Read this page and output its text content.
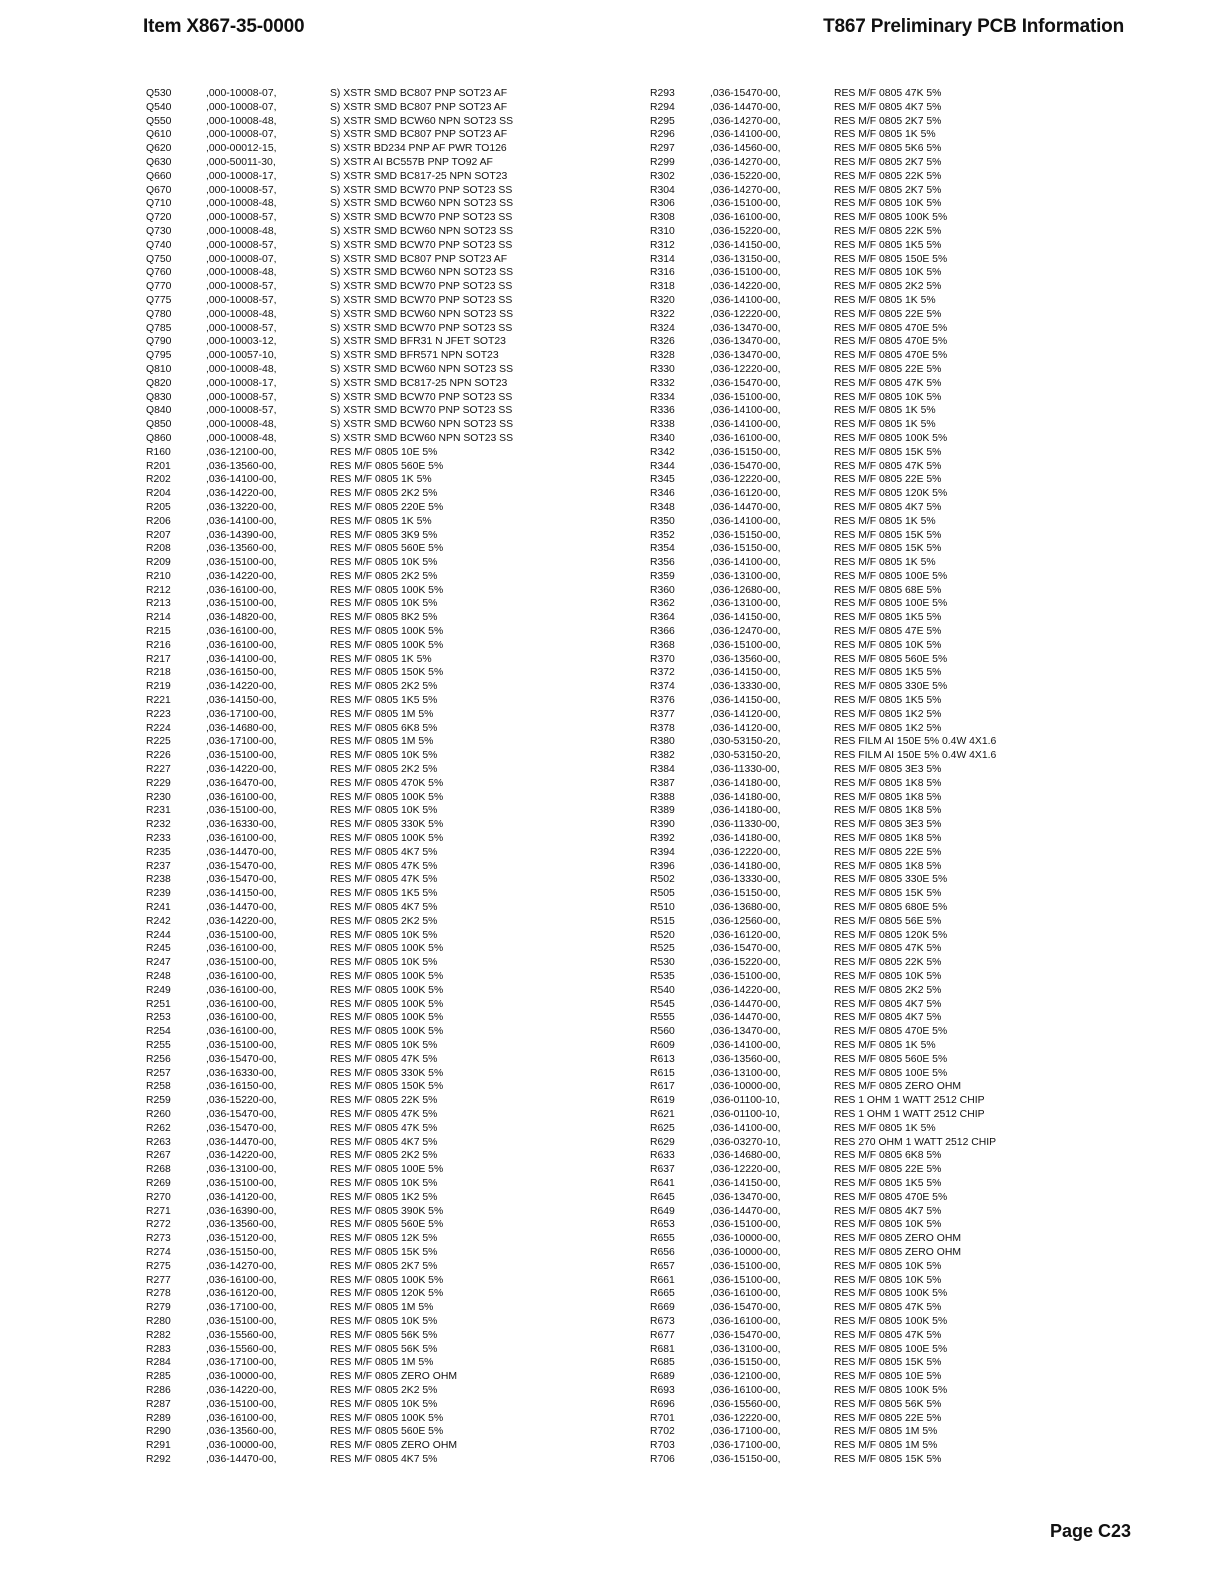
Item X867-35-0000	T867 Preliminary PCB Information
Q530	,000-10008-07,	S) XSTR SMD BC807 PNP SOT23 AF
Q540	,000-10008-07,	S) XSTR SMD BC807 PNP SOT23 AF
Q550	,000-10008-48,	S) XSTR SMD BCW60 NPN SOT23 SS
Q610	,000-10008-07,	S) XSTR SMD BC807 PNP SOT23 AF
Q620	,000-00012-15,	S) XSTR BD234 PNP AF PWR TO126
Q630	,000-50011-30,	S) XSTR AI BC557B PNP TO92 AF
Q660	,000-10008-17,	S) XSTR SMD BC817-25 NPN SOT23
Q670	,000-10008-57,	S) XSTR SMD BCW70 PNP SOT23 SS
Q710	,000-10008-48,	S) XSTR SMD BCW60 NPN SOT23 SS
Q720	,000-10008-57,	S) XSTR SMD BCW70 PNP SOT23 SS
Q730	,000-10008-48,	S) XSTR SMD BCW60 NPN SOT23 SS
Q740	,000-10008-57,	S) XSTR SMD BCW70 PNP SOT23 SS
Q750	,000-10008-07,	S) XSTR SMD BC807 PNP SOT23 AF
Q760	,000-10008-48,	S) XSTR SMD BCW60 NPN SOT23 SS
Q770	,000-10008-57,	S) XSTR SMD BCW70 PNP SOT23 SS
Q775	,000-10008-57,	S) XSTR SMD BCW70 PNP SOT23 SS
Q780	,000-10008-48,	S) XSTR SMD BCW60 NPN SOT23 SS
Q785	,000-10008-57,	S) XSTR SMD BCW70 PNP SOT23 SS
Q790	,000-10003-12,	S) XSTR SMD BFR31 N JFET SOT23
Q795	,000-10057-10,	S) XSTR SMD BFR571 NPN SOT23
Q810	,000-10008-48,	S) XSTR SMD BCW60 NPN SOT23 SS
Q820	,000-10008-17,	S) XSTR SMD BC817-25 NPN SOT23
Q830	,000-10008-57,	S) XSTR SMD BCW70 PNP SOT23 SS
Q840	,000-10008-57,	S) XSTR SMD BCW70 PNP SOT23 SS
Q850	,000-10008-48,	S) XSTR SMD BCW60 NPN SOT23 SS
Q860	,000-10008-48,	S) XSTR SMD BCW60 NPN SOT23 SS
R160	,036-12100-00,	RES M/F 0805 10E 5%
R201	,036-13560-00,	RES M/F 0805 560E 5%
R202	,036-14100-00,	RES M/F 0805 1K 5%
R204	,036-14220-00,	RES M/F 0805 2K2 5%
R205	,036-13220-00,	RES M/F 0805 220E 5%
R206	,036-14100-00,	RES M/F 0805 1K 5%
R207	,036-14390-00,	RES M/F 0805 3K9 5%
R208	,036-13560-00,	RES M/F 0805 560E 5%
R209	,036-15100-00,	RES M/F 0805 10K 5%
R210	,036-14220-00,	RES M/F 0805 2K2 5%
R212	,036-16100-00,	RES M/F 0805 100K 5%
R213	,036-15100-00,	RES M/F 0805 10K 5%
R214	,036-14820-00,	RES M/F 0805 8K2 5%
R215	,036-16100-00,	RES M/F 0805 100K 5%
R216	,036-16100-00,	RES M/F 0805 100K 5%
R217	,036-14100-00,	RES M/F 0805 1K 5%
R218	,036-16150-00,	RES M/F 0805 150K 5%
R219	,036-14220-00,	RES M/F 0805 2K2 5%
R221	,036-14150-00,	RES M/F 0805 1K5 5%
R223	,036-17100-00,	RES M/F 0805 1M 5%
R224	,036-14680-00,	RES M/F 0805 6K8 5%
R225	,036-17100-00,	RES M/F 0805 1M 5%
R226	,036-15100-00,	RES M/F 0805 10K 5%
R227	,036-14220-00,	RES M/F 0805 2K2 5%
R229	,036-16470-00,	RES M/F 0805 470K 5%
R230	,036-16100-00,	RES M/F 0805 100K 5%
R231	,036-15100-00,	RES M/F 0805 10K 5%
R232	,036-16330-00,	RES M/F 0805 330K 5%
R233	,036-16100-00,	RES M/F 0805 100K 5%
R235	,036-14470-00,	RES M/F 0805 4K7 5%
R237	,036-15470-00,	RES M/F 0805 47K 5%
R238	,036-15470-00,	RES M/F 0805 47K 5%
R239	,036-14150-00,	RES M/F 0805 1K5 5%
R241	,036-14470-00,	RES M/F 0805 4K7 5%
R242	,036-14220-00,	RES M/F 0805 2K2 5%
R244	,036-15100-00,	RES M/F 0805 10K 5%
R245	,036-16100-00,	RES M/F 0805 100K 5%
R247	,036-15100-00,	RES M/F 0805 10K 5%
R248	,036-16100-00,	RES M/F 0805 100K 5%
R249	,036-16100-00,	RES M/F 0805 100K 5%
R251	,036-16100-00,	RES M/F 0805 100K 5%
R253	,036-16100-00,	RES M/F 0805 100K 5%
R254	,036-16100-00,	RES M/F 0805 100K 5%
R255	,036-15100-00,	RES M/F 0805 10K 5%
R256	,036-15470-00,	RES M/F 0805 47K 5%
R257	,036-16330-00,	RES M/F 0805 330K 5%
R258	,036-16150-00,	RES M/F 0805 150K 5%
R259	,036-15220-00,	RES M/F 0805 22K 5%
R260	,036-15470-00,	RES M/F 0805 47K 5%
R262	,036-15470-00,	RES M/F 0805 47K 5%
R263	,036-14470-00,	RES M/F 0805 4K7 5%
R267	,036-14220-00,	RES M/F 0805 2K2 5%
R268	,036-13100-00,	RES M/F 0805 100E 5%
R269	,036-15100-00,	RES M/F 0805 10K 5%
R270	,036-14120-00,	RES M/F 0805 1K2 5%
R271	,036-16390-00,	RES M/F 0805 390K 5%
R272	,036-13560-00,	RES M/F 0805 560E 5%
R273	,036-15120-00,	RES M/F 0805 12K 5%
R274	,036-15150-00,	RES M/F 0805 15K 5%
R275	,036-14270-00,	RES M/F 0805 2K7 5%
R277	,036-16100-00,	RES M/F 0805 100K 5%
R278	,036-16120-00,	RES M/F 0805 120K 5%
R279	,036-17100-00,	RES M/F 0805 1M 5%
R280	,036-15100-00,	RES M/F 0805 10K 5%
R282	,036-15560-00,	RES M/F 0805 56K 5%
R283	,036-15560-00,	RES M/F 0805 56K 5%
R284	,036-17100-00,	RES M/F 0805 1M 5%
R285	,036-10000-00,	RES M/F 0805 ZERO OHM
R286	,036-14220-00,	RES M/F 0805 2K2 5%
R287	,036-15100-00,	RES M/F 0805 10K 5%
R289	,036-16100-00,	RES M/F 0805 100K 5%
R290	,036-13560-00,	RES M/F 0805 560E 5%
R291	,036-10000-00,	RES M/F 0805 ZERO OHM
R292	,036-14470-00,	RES M/F 0805 4K7 5%
R293	,036-15470-00,	RES M/F 0805 47K 5%
R294	,036-14470-00,	RES M/F 0805 4K7 5%
R295	,036-14270-00,	RES M/F 0805 2K7 5%
R296	,036-14100-00,	RES M/F 0805 1K 5%
R297	,036-14560-00,	RES M/F 0805 5K6 5%
R299	,036-14270-00,	RES M/F 0805 2K7 5%
R302	,036-15220-00,	RES M/F 0805 22K 5%
R304	,036-14270-00,	RES M/F 0805 2K7 5%
R306	,036-15100-00,	RES M/F 0805 10K 5%
R308	,036-16100-00,	RES M/F 0805 100K 5%
R310	,036-15220-00,	RES M/F 0805 22K 5%
R312	,036-14150-00,	RES M/F 0805 1K5 5%
R314	,036-13150-00,	RES M/F 0805 150E 5%
R316	,036-15100-00,	RES M/F 0805 10K 5%
R318	,036-14220-00,	RES M/F 0805 2K2 5%
R320	,036-14100-00,	RES M/F 0805 1K 5%
R322	,036-12220-00,	RES M/F 0805 22E 5%
R324	,036-13470-00,	RES M/F 0805 470E 5%
R326	,036-13470-00,	RES M/F 0805 470E 5%
R328	,036-13470-00,	RES M/F 0805 470E 5%
R330	,036-12220-00,	RES M/F 0805 22E 5%
R332	,036-15470-00,	RES M/F 0805 47K 5%
R334	,036-15100-00,	RES M/F 0805 10K 5%
R336	,036-14100-00,	RES M/F 0805 1K 5%
R338	,036-14100-00,	RES M/F 0805 1K 5%
R340	,036-16100-00,	RES M/F 0805 100K 5%
R342	,036-15150-00,	RES M/F 0805 15K 5%
R344	,036-15470-00,	RES M/F 0805 47K 5%
R345	,036-12220-00,	RES M/F 0805 22E 5%
R346	,036-16120-00,	RES M/F 0805 120K 5%
R348	,036-14470-00,	RES M/F 0805 4K7 5%
R350	,036-14100-00,	RES M/F 0805 1K 5%
R352	,036-15150-00,	RES M/F 0805 15K 5%
R354	,036-15150-00,	RES M/F 0805 15K 5%
R356	,036-14100-00,	RES M/F 0805 1K 5%
R359	,036-13100-00,	RES M/F 0805 100E 5%
R360	,036-12680-00,	RES M/F 0805 68E 5%
R362	,036-13100-00,	RES M/F 0805 100E 5%
R364	,036-14150-00,	RES M/F 0805 1K5 5%
R366	,036-12470-00,	RES M/F 0805 47E 5%
R368	,036-15100-00,	RES M/F 0805 10K 5%
R370	,036-13560-00,	RES M/F 0805 560E 5%
R372	,036-14150-00,	RES M/F 0805 1K5 5%
R374	,036-13330-00,	RES M/F 0805 330E 5%
R376	,036-14150-00,	RES M/F 0805 1K5 5%
R377	,036-14120-00,	RES M/F 0805 1K2 5%
R378	,036-14120-00,	RES M/F 0805 1K2 5%
R380	,030-53150-20,	RES FILM AI 150E 5% 0.4W 4X1.6
R382	,030-53150-20,	RES FILM AI 150E 5% 0.4W 4X1.6
R384	,036-11330-00,	RES M/F 0805 3E3 5%
R387	,036-14180-00,	RES M/F 0805 1K8 5%
R388	,036-14180-00,	RES M/F 0805 1K8 5%
R389	,036-14180-00,	RES M/F 0805 1K8 5%
R390	,036-11330-00,	RES M/F 0805 3E3 5%
R392	,036-14180-00,	RES M/F 0805 1K8 5%
R394	,036-12220-00,	RES M/F 0805 22E 5%
R396	,036-14180-00,	RES M/F 0805 1K8 5%
R502	,036-13330-00,	RES M/F 0805 330E 5%
R505	,036-15150-00,	RES M/F 0805 15K 5%
R510	,036-13680-00,	RES M/F 0805 680E 5%
R515	,036-12560-00,	RES M/F 0805 56E 5%
R520	,036-16120-00,	RES M/F 0805 120K 5%
R525	,036-15470-00,	RES M/F 0805 47K 5%
R530	,036-15220-00,	RES M/F 0805 22K 5%
R535	,036-15100-00,	RES M/F 0805 10K 5%
R540	,036-14220-00,	RES M/F 0805 2K2 5%
R545	,036-14470-00,	RES M/F 0805 4K7 5%
R555	,036-14470-00,	RES M/F 0805 4K7 5%
R560	,036-13470-00,	RES M/F 0805 470E 5%
R609	,036-14100-00,	RES M/F 0805 1K 5%
R613	,036-13560-00,	RES M/F 0805 560E 5%
R615	,036-13100-00,	RES M/F 0805 100E 5%
R617	,036-10000-00,	RES M/F 0805 ZERO OHM
R619	,036-01100-10,	RES 1 OHM 1 WATT 2512 CHIP
R621	,036-01100-10,	RES 1 OHM 1 WATT 2512 CHIP
R625	,036-14100-00,	RES M/F 0805 1K 5%
R629	,036-03270-10,	RES 270 OHM 1 WATT 2512 CHIP
R633	,036-14680-00,	RES M/F 0805 6K8 5%
R637	,036-12220-00,	RES M/F 0805 22E 5%
R641	,036-14150-00,	RES M/F 0805 1K5 5%
R645	,036-13470-00,	RES M/F 0805 470E 5%
R649	,036-14470-00,	RES M/F 0805 4K7 5%
R653	,036-15100-00,	RES M/F 0805 10K 5%
R655	,036-10000-00,	RES M/F 0805 ZERO OHM
R656	,036-10000-00,	RES M/F 0805 ZERO OHM
R657	,036-15100-00,	RES M/F 0805 10K 5%
R661	,036-15100-00,	RES M/F 0805 10K 5%
R665	,036-16100-00,	RES M/F 0805 100K 5%
R669	,036-15470-00,	RES M/F 0805 47K 5%
R673	,036-16100-00,	RES M/F 0805 100K 5%
R677	,036-15470-00,	RES M/F 0805 47K 5%
R681	,036-13100-00,	RES M/F 0805 100E 5%
R685	,036-15150-00,	RES M/F 0805 15K 5%
R689	,036-12100-00,	RES M/F 0805 10E 5%
R693	,036-16100-00,	RES M/F 0805 100K 5%
R696	,036-15560-00,	RES M/F 0805 56K 5%
R701	,036-12220-00,	RES M/F 0805 22E 5%
R702	,036-17100-00,	RES M/F 0805 1M 5%
R703	,036-17100-00,	RES M/F 0805 1M 5%
R706	,036-15150-00,	RES M/F 0805 15K 5%
Page C23
